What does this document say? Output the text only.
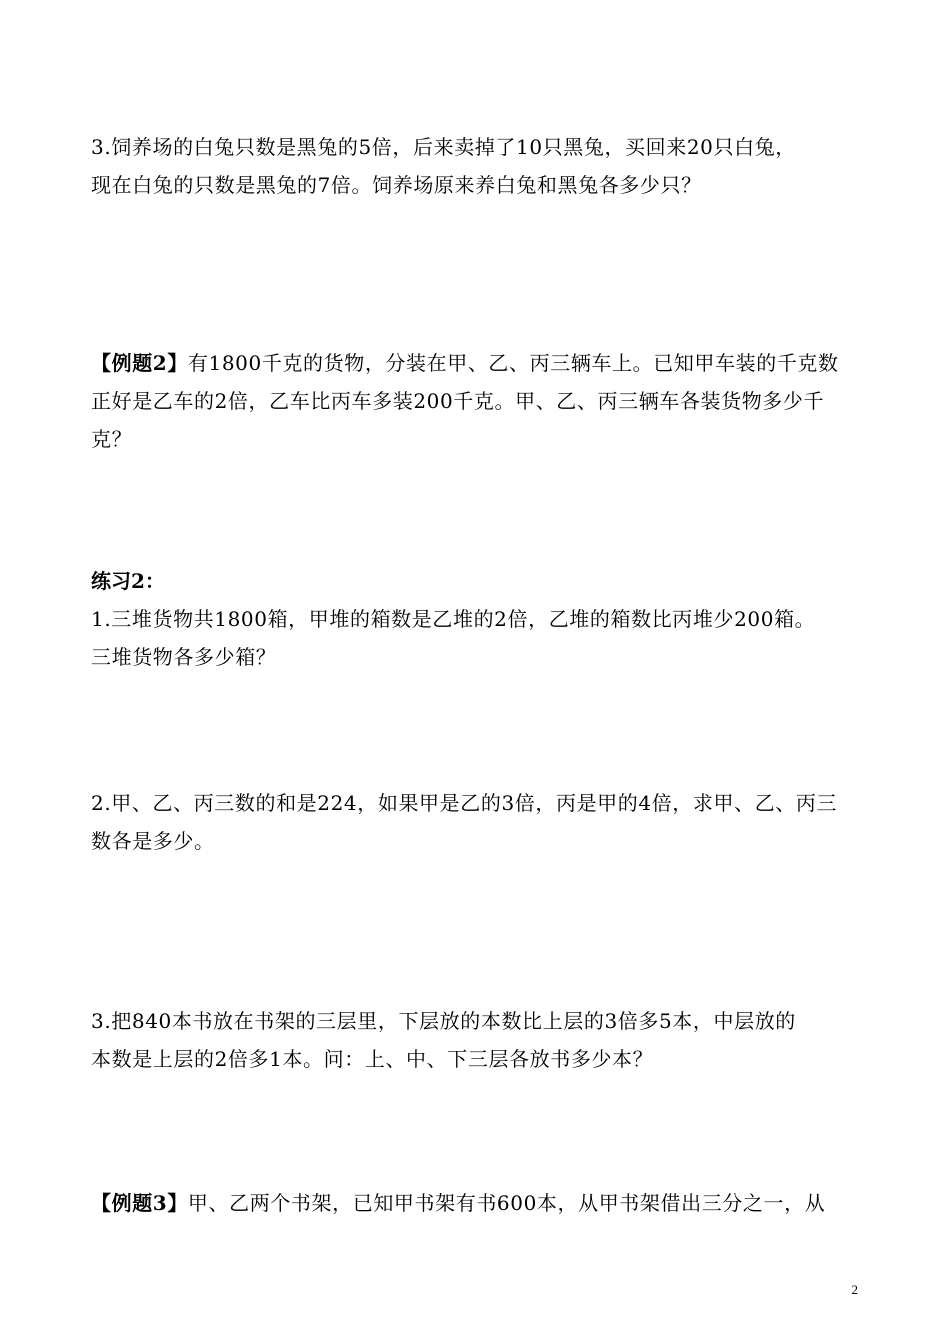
3.饲养场的白兔只数是黑兔的5倍，后来卖掉了10只黑兔，买回来20只白兔，
现在白兔的只数是黑兔的7倍。饲养场原来养白兔和黑兔各多少只？
【例题2】有1800千克的货物，分装在甲、乙、丙三辆车上。已知甲车装的千克数
正好是乙车的2倍，乙车比丙车多装200千克。甲、乙、丙三辆车各装货物多少千
克？
练习2：
1.三堆货物共1800箱，甲堆的箱数是乙堆的2倍，乙堆的箱数比丙堆少200箱。
三堆货物各多少箱？
2.甲、乙、丙三数的和是224，如果甲是乙的3倍，丙是甲的4倍，求甲、乙、丙三
数各是多少。
3.把840本书放在书架的三层里，下层放的本数比上层的3倍多5本，中层放的
本数是上层的2倍多1本。问：上、中、下三层各放书多少本？
【例题3】甲、乙两个书架，已知甲书架有书600本，从甲书架借出三分之一，从
2
